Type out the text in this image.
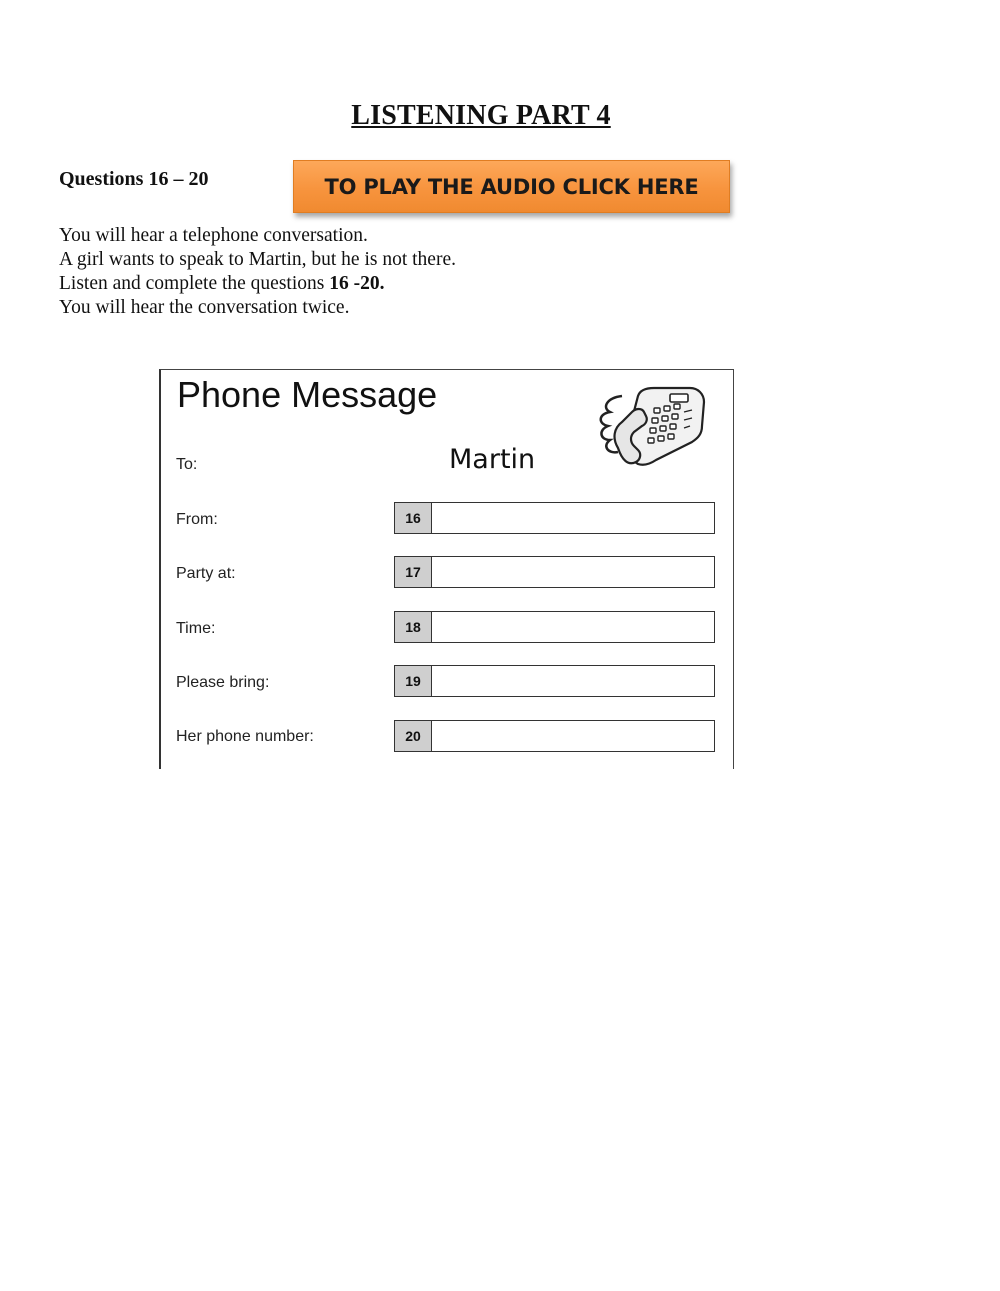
LISTENING PART 4
Questions 16 – 20	TO PLAY THE AUDIO CLICK HERE

You will hear a telephone conversation.

A girl wants to speak to Martin, but he is not there.

Listen and complete the questions 16 -20.

You will hear the conversation twice.

Phone Message
To:	Martin
From:	16
Party at:	17
Time:	18
Please bring:	19
Her phone number:	20
